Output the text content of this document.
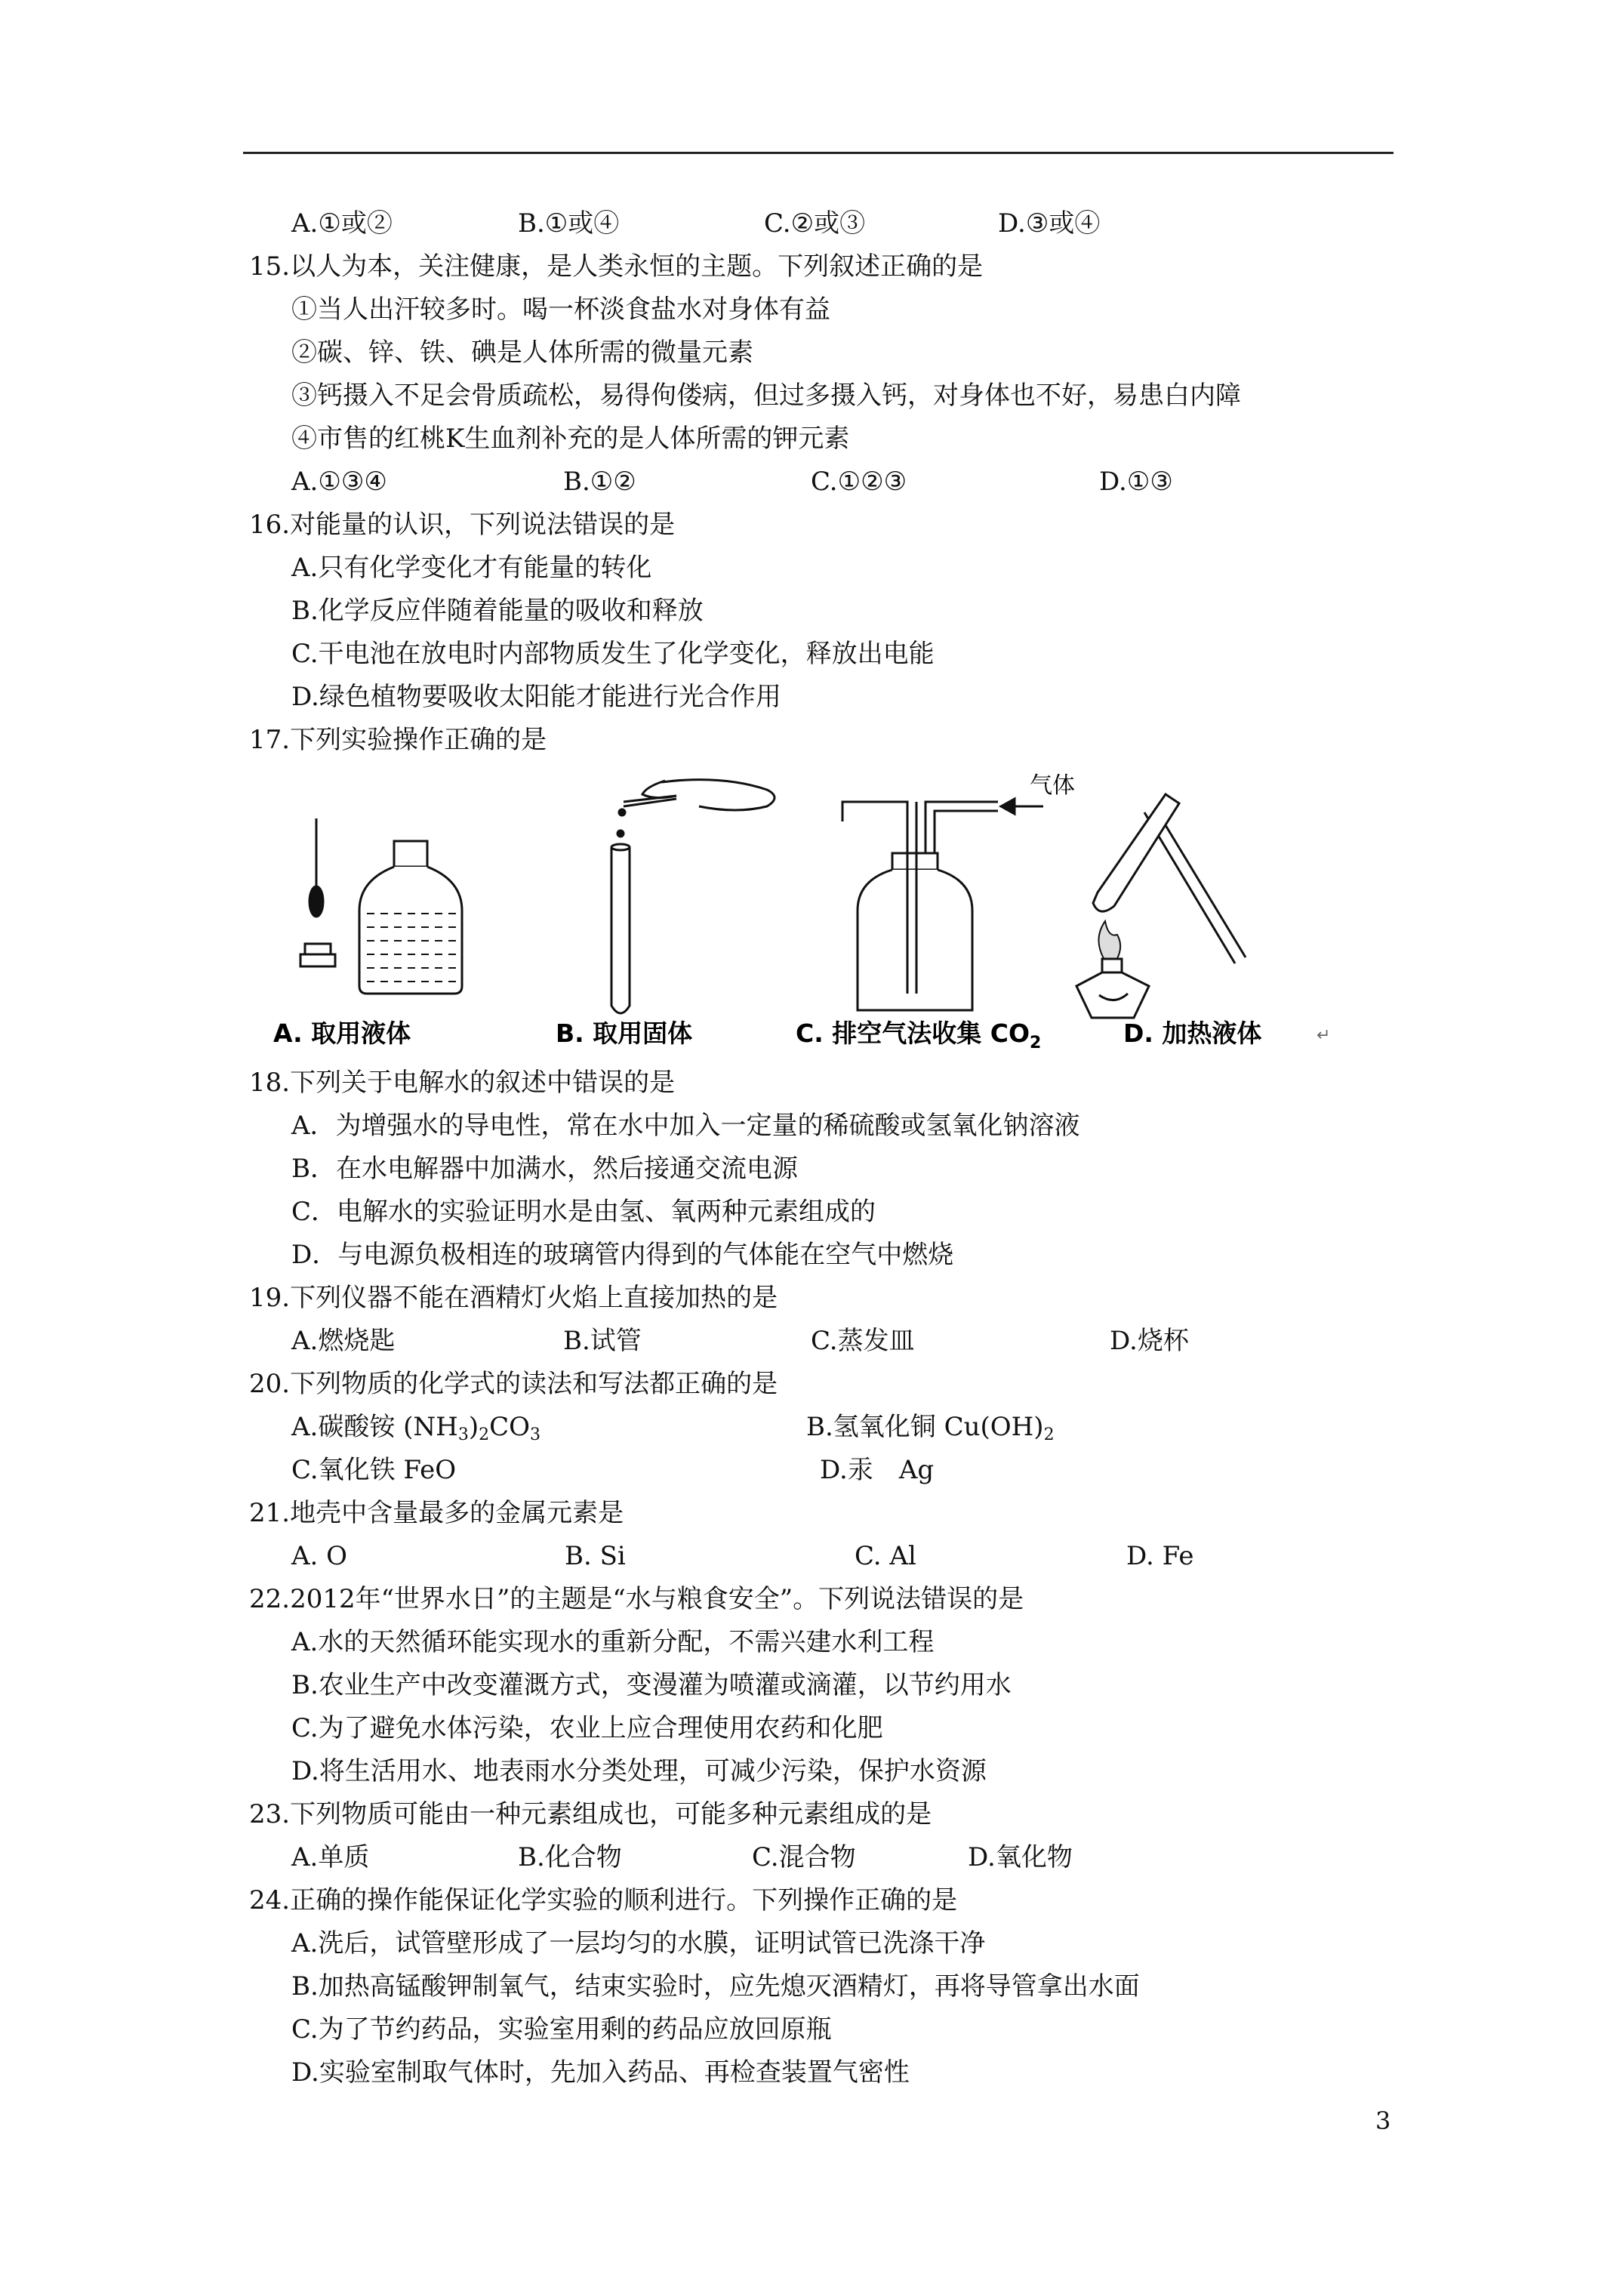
A.①或②	B.①或④	C.②或③	D.③或④
15.以人为本，关注健康，是人类永恒的主题。下列叙述正确的是
①当人出汗较多时。喝一杯淡食盐水对身体有益
②碳、锌、铁、碘是人体所需的微量元素
③钙摄入不足会骨质疏松，易得佝偻病，但过多摄入钙，对身体也不好，易患白内障
④市售的红桃K生血剂补充的是人体所需的钾元素
A.①③④	B.①②	C.①②③	D.①③
16.对能量的认识，下列说法错误的是
A.只有化学变化才有能量的转化
B.化学反应伴随着能量的吸收和释放
C.干电池在放电时内部物质发生了化学变化，释放出电能
D.绿色植物要吸收太阳能才能进行光合作用
17.下列实验操作正确的是
气体
A. 取用液体	B. 取用固体	C. 排空气法收集 $CO_2$	D. 加热液体	↵
18.下列关于电解水的叙述中错误的是
A．为增强水的导电性，常在水中加入一定量的稀硫酸或氢氧化钠溶液
B．在水电解器中加满水，然后接通交流电源
C．电解水的实验证明水是由氢、氧两种元素组成的
D．与电源负极相连的玻璃管内得到的气体能在空气中燃烧
19.下列仪器不能在酒精灯火焰上直接加热的是
A.燃烧匙	B.试管	C.蒸发皿	D.烧杯
20.下列物质的化学式的读法和写法都正确的是
A.碳酸铵 $(NH_3)_2CO_3$	B.氢氧化铜 $Cu(OH)_2$
C.氧化铁 FeO	D.汞　Ag
21.地壳中含量最多的金属元素是
A. O	B. Si	C. Al	D. Fe
22.2012年“世界水日”的主题是“水与粮食安全”。下列说法错误的是
A.水的天然循环能实现水的重新分配，不需兴建水利工程
B.农业生产中改变灌溉方式，变漫灌为喷灌或滴灌，以节约用水
C.为了避免水体污染，农业上应合理使用农药和化肥
D.将生活用水、地表雨水分类处理，可减少污染，保护水资源
23.下列物质可能由一种元素组成也，可能多种元素组成的是
A.单质	B.化合物	C.混合物	D.氧化物
24.正确的操作能保证化学实验的顺利进行。下列操作正确的是
A.洗后，试管壁形成了一层均匀的水膜，证明试管已洗涤干净
B.加热高锰酸钾制氧气，结束实验时，应先熄灭酒精灯，再将导管拿出水面
C.为了节约药品，实验室用剩的药品应放回原瓶
D.实验室制取气体时，先加入药品、再检查装置气密性
3
